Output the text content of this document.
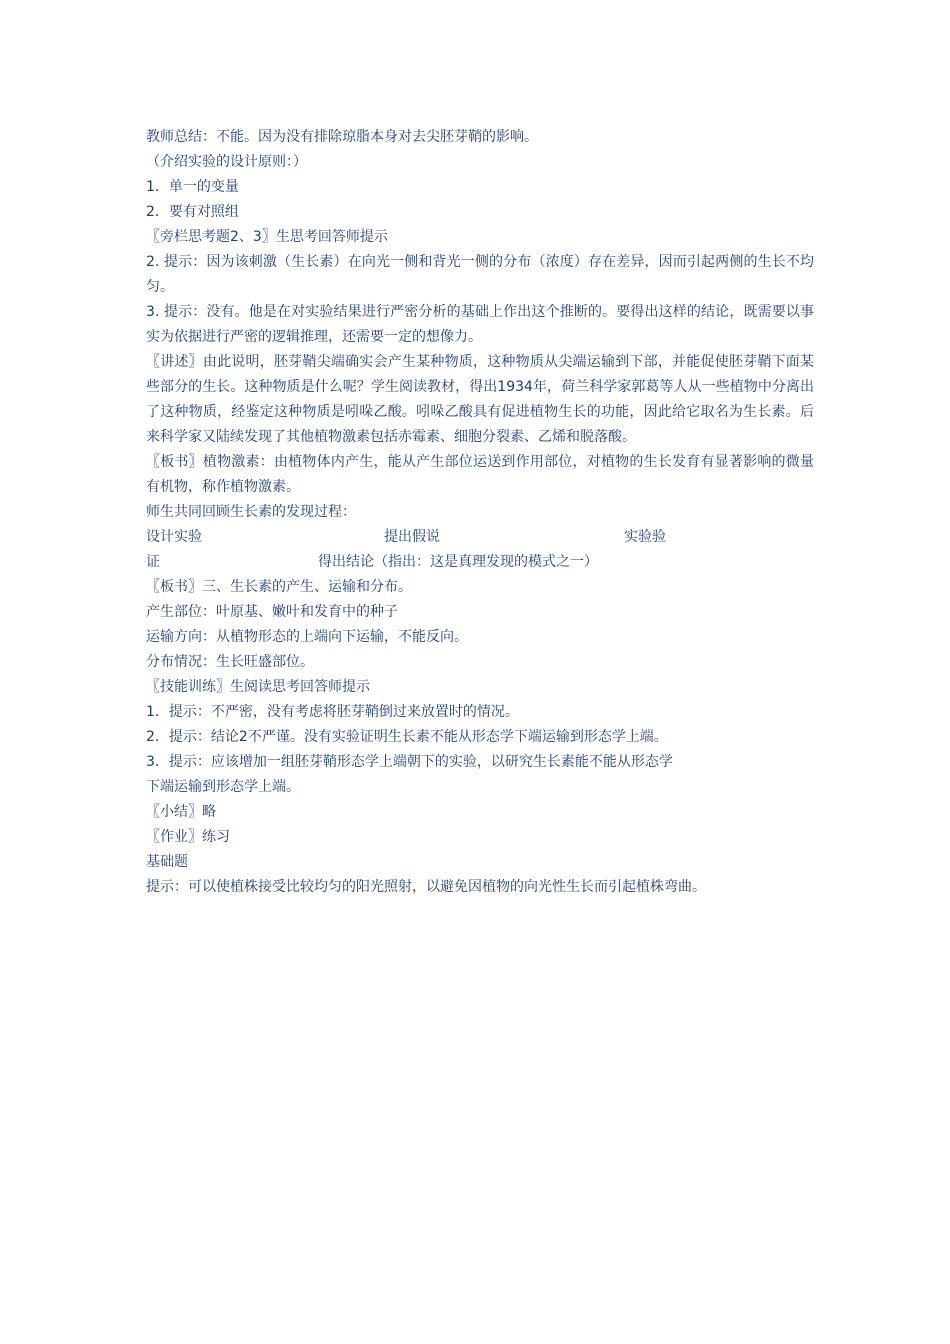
教师总结：不能。因为没有排除琼脂本身对去尖胚芽鞘的影响。
（介绍实验的设计原则：）
1．单一的变量
2．要有对照组
〖旁栏思考题2、3〗生思考回答师提示
2. 提示：因为该刺激（生长素）在向光一侧和背光一侧的分布（浓度）存在差异，因而引起两侧的生长不均匀。
3. 提示：没有。他是在对实验结果进行严密分析的基础上作出这个推断的。要得出这样的结论，既需要以事实为依据进行严密的逻辑推理，还需要一定的想像力。
〖讲述〗由此说明，胚芽鞘尖端确实会产生某种物质，这种物质从尖端运输到下部，并能促使胚芽鞘下面某些部分的生长。这种物质是什么呢？学生阅读教材，得出1934年，荷兰科学家郭葛等人从一些植物中分离出了这种物质，经鉴定这种物质是吲哚乙酸。吲哚乙酸具有促进植物生长的功能，因此给它取名为生长素。后来科学家又陆续发现了其他植物激素包括赤霉素、细胞分裂素、乙烯和脱落酸。
〖板书〗植物激素：由植物体内产生，能从产生部位运送到作用部位，对植物的生长发育有显著影响的微量有机物，称作植物激素。
师生共同回顾生长素的发现过程：
设计实验	提出假说	实验验
证	得出结论（指出：这是真理发现的模式之一）
〖板书〗三、生长素的产生、运输和分布。
产生部位：叶原基、嫩叶和发育中的种子
运输方向：从植物形态的上端向下运输，不能反向。
分布情况：生长旺盛部位。
〖技能训练〗生阅读思考回答师提示
1．提示：不严密，没有考虑将胚芽鞘倒过来放置时的情况。
2．提示：结论2不严谨。没有实验证明生长素不能从形态学下端运输到形态学上端。
3．提示：应该增加一组胚芽鞘形态学上端朝下的实验，以研究生长素能不能从形态学
下端运输到形态学上端。
〖小结〗略
〖作业〗练习
基础题
提示：可以使植株接受比较均匀的阳光照射，以避免因植物的向光性生长而引起植株弯曲。
